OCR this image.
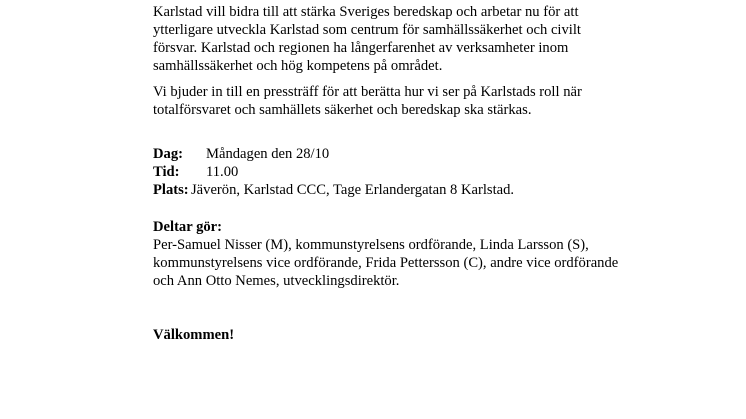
Karlstad vill bidra till att stärka Sveriges beredskap och arbetar nu för att ytterligare utveckla Karlstad som centrum för samhällssäkerhet och civilt försvar. Karlstad och regionen ha långerfarenhet av verksamheter inom samhällssäkerhet och hög kompetens på området.

Vi bjuder in till en pressträff för att berätta hur vi ser på Karlstads roll när totalförsvaret och samhällets säkerhet och beredskap ska stärkas.

Dag:	Måndagen den 28/10
Tid:	11.00
Plats: Jäverön, Karlstad CCC, Tage Erlandergatan 8 Karlstad.

Deltar gör:

Per-Samuel Nisser (M), kommunstyrelsens ordförande, Linda Larsson (S), kommunstyrelsens vice ordförande, Frida Pettersson (C), andre vice ordförande och Ann Otto Nemes, utvecklingsdirektör.

Välkommen!
